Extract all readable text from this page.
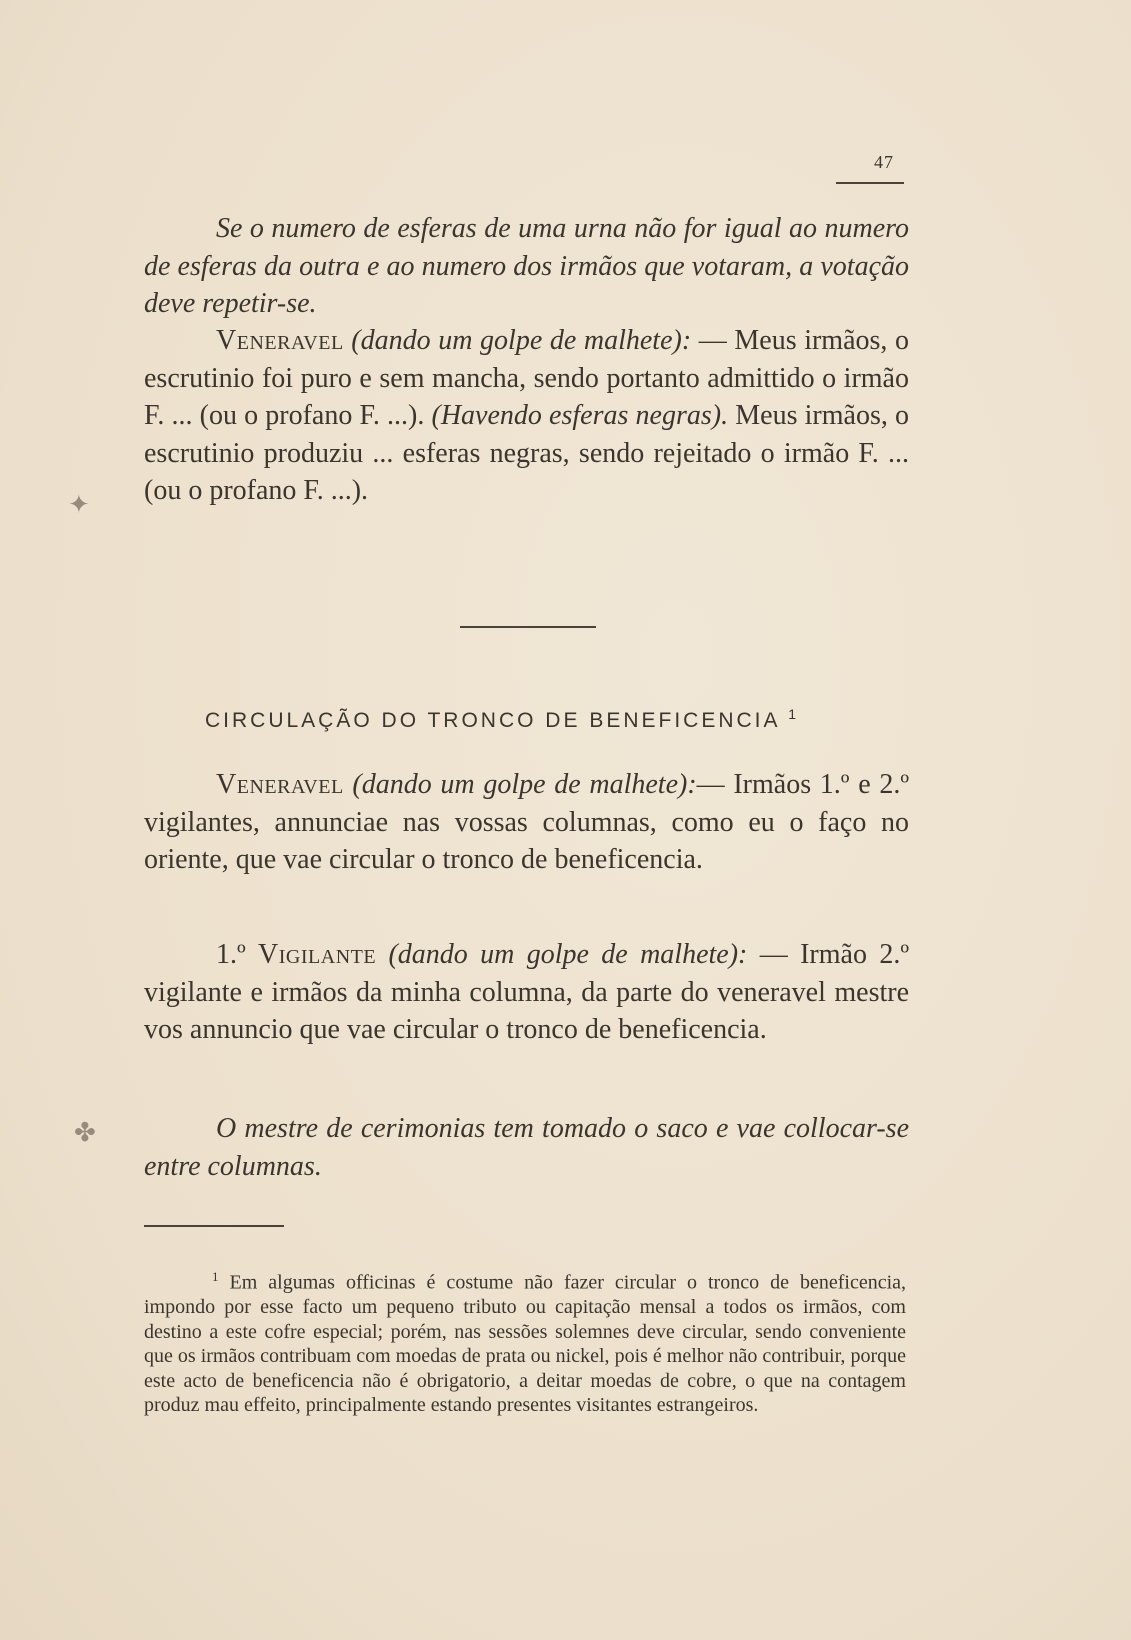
47
Se o numero de esferas de uma urna não for igual ao numero de esferas da outra e ao numero dos irmãos que votaram, a votação deve repetir-se.
Veneravel (dando um golpe de malhete): — Meus irmãos, o escrutinio foi puro e sem mancha, sendo portanto admittido o irmão F. ... (ou o profano F. ...). (Havendo esferas negras). Meus irmãos, o escrutinio produziu ... esferas negras, sendo rejeitado o irmão F. ... (ou o profano F. ...).
CIRCULAÇÃO DO TRONCO DE BENEFICENCIA $^1$
Veneravel (dando um golpe de malhete):— Irmãos 1.º e 2.º vigilantes, annunciae nas vossas columnas, como eu o faço no oriente, que vae circular o tronco de beneficencia.
1.º Vigilante (dando um golpe de malhete): — Irmão 2.º vigilante e irmãos da minha columna, da parte do veneravel mestre vos annuncio que vae circular o tronco de beneficencia.
O mestre de cerimonias tem tomado o saco e vae collocar-se entre columnas.
$^1$ Em algumas officinas é costume não fazer circular o tronco de beneficencia, impondo por esse facto um pequeno tributo ou capitação mensal a todos os irmãos, com destino a este cofre especial; porém, nas sessões solemnes deve circular, sendo conveniente que os irmãos contribuam com moedas de prata ou nickel, pois é melhor não contribuir, porque este acto de beneficencia não é obrigatorio, a deitar moedas de cobre, o que na contagem produz mau effeito, principalmente estando presentes visitantes estrangeiros.
✦
✤
